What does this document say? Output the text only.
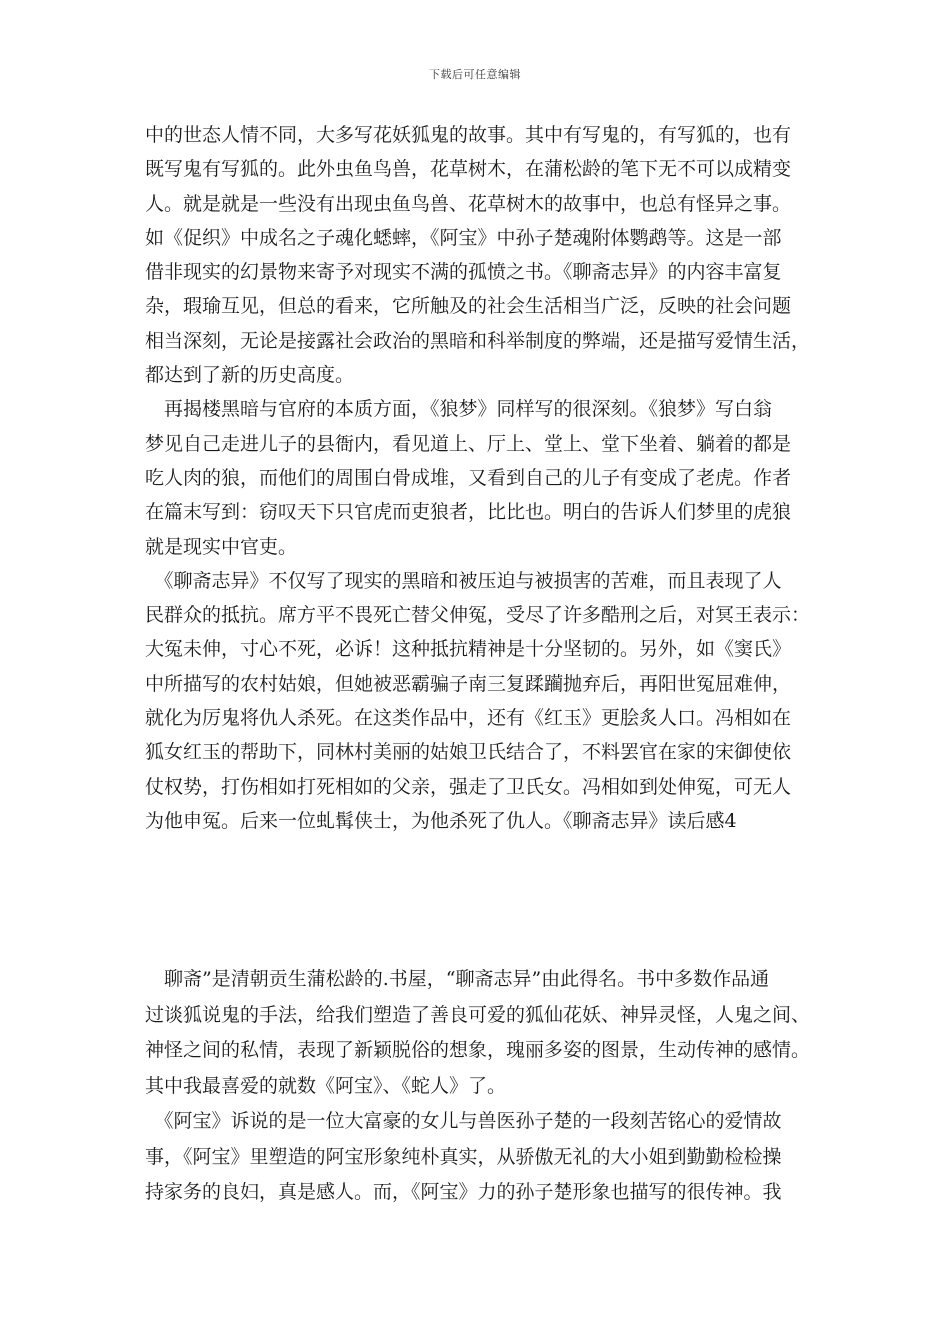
下载后可任意编辑
中的世态人情不同，大多写花妖狐鬼的故事。其中有写鬼的，有写狐的，也有
既写鬼有写狐的。此外虫鱼鸟兽，花草树木，在蒲松龄的笔下无不可以成精变
人。就是就是一些没有出现虫鱼鸟兽、花草树木的故事中，也总有怪异之事。
如《促织》中成名之子魂化蟋蟀，《阿宝》中孙子楚魂附体鹦鹉等。这是一部
借非现实的幻景物来寄予对现实不满的孤愤之书。《聊斋志异》的内容丰富复
杂，瑕瑜互见，但总的看来，它所触及的社会生活相当广泛，反映的社会问题
相当深刻，无论是接露社会政治的黑暗和科举制度的弊端，还是描写爱情生活，
都达到了新的历史高度。
　再揭楼黑暗与官府的本质方面，《狼梦》同样写的很深刻。《狼梦》写白翁
梦见自己走进儿子的县衙内，看见道上、厅上、堂上、堂下坐着、躺着的都是
吃人肉的狼，而他们的周围白骨成堆，又看到自己的儿子有变成了老虎。作者
在篇末写到：窃叹天下只官虎而吏狼者，比比也。明白的告诉人们梦里的虎狼
就是现实中官吏。
　《聊斋志异》不仅写了现实的黑暗和被压迫与被损害的苦难，而且表现了人
民群众的抵抗。席方平不畏死亡替父伸冤，受尽了许多酷刑之后，对冥王表示：
大冤未伸，寸心不死，必诉！这种抵抗精神是十分坚韧的。另外，如《窦氏》
中所描写的农村姑娘，但她被恶霸骗子南三复蹂躏抛弃后，再阳世冤屈难伸，
就化为厉鬼将仇人杀死。在这类作品中，还有《红玉》更脍炙人口。冯相如在
狐女红玉的帮助下，同林村美丽的姑娘卫氏结合了，不料罢官在家的宋御使依
仗权势，打伤相如打死相如的父亲，强走了卫氏女。冯相如到处伸冤，可无人
为他申冤。后来一位虬髯侠士，为他杀死了仇人。《聊斋志异》读后感4
　聊斋”是清朝贡生蒲松龄的.书屋，“聊斋志异”由此得名。书中多数作品通
过谈狐说鬼的手法，给我们塑造了善良可爱的狐仙花妖、神异灵怪，人鬼之间、
神怪之间的私情，表现了新颖脱俗的想象，瑰丽多姿的图景，生动传神的感情。
其中我最喜爱的就数《阿宝》、《蛇人》了。
　《阿宝》诉说的是一位大富豪的女儿与兽医孙子楚的一段刻苦铭心的爱情故
事，《阿宝》里塑造的阿宝形象纯朴真实，从骄傲无礼的大小姐到勤勤检检操
持家务的良妇，真是感人。而，《阿宝》力的孙子楚形象也描写的很传神。我
